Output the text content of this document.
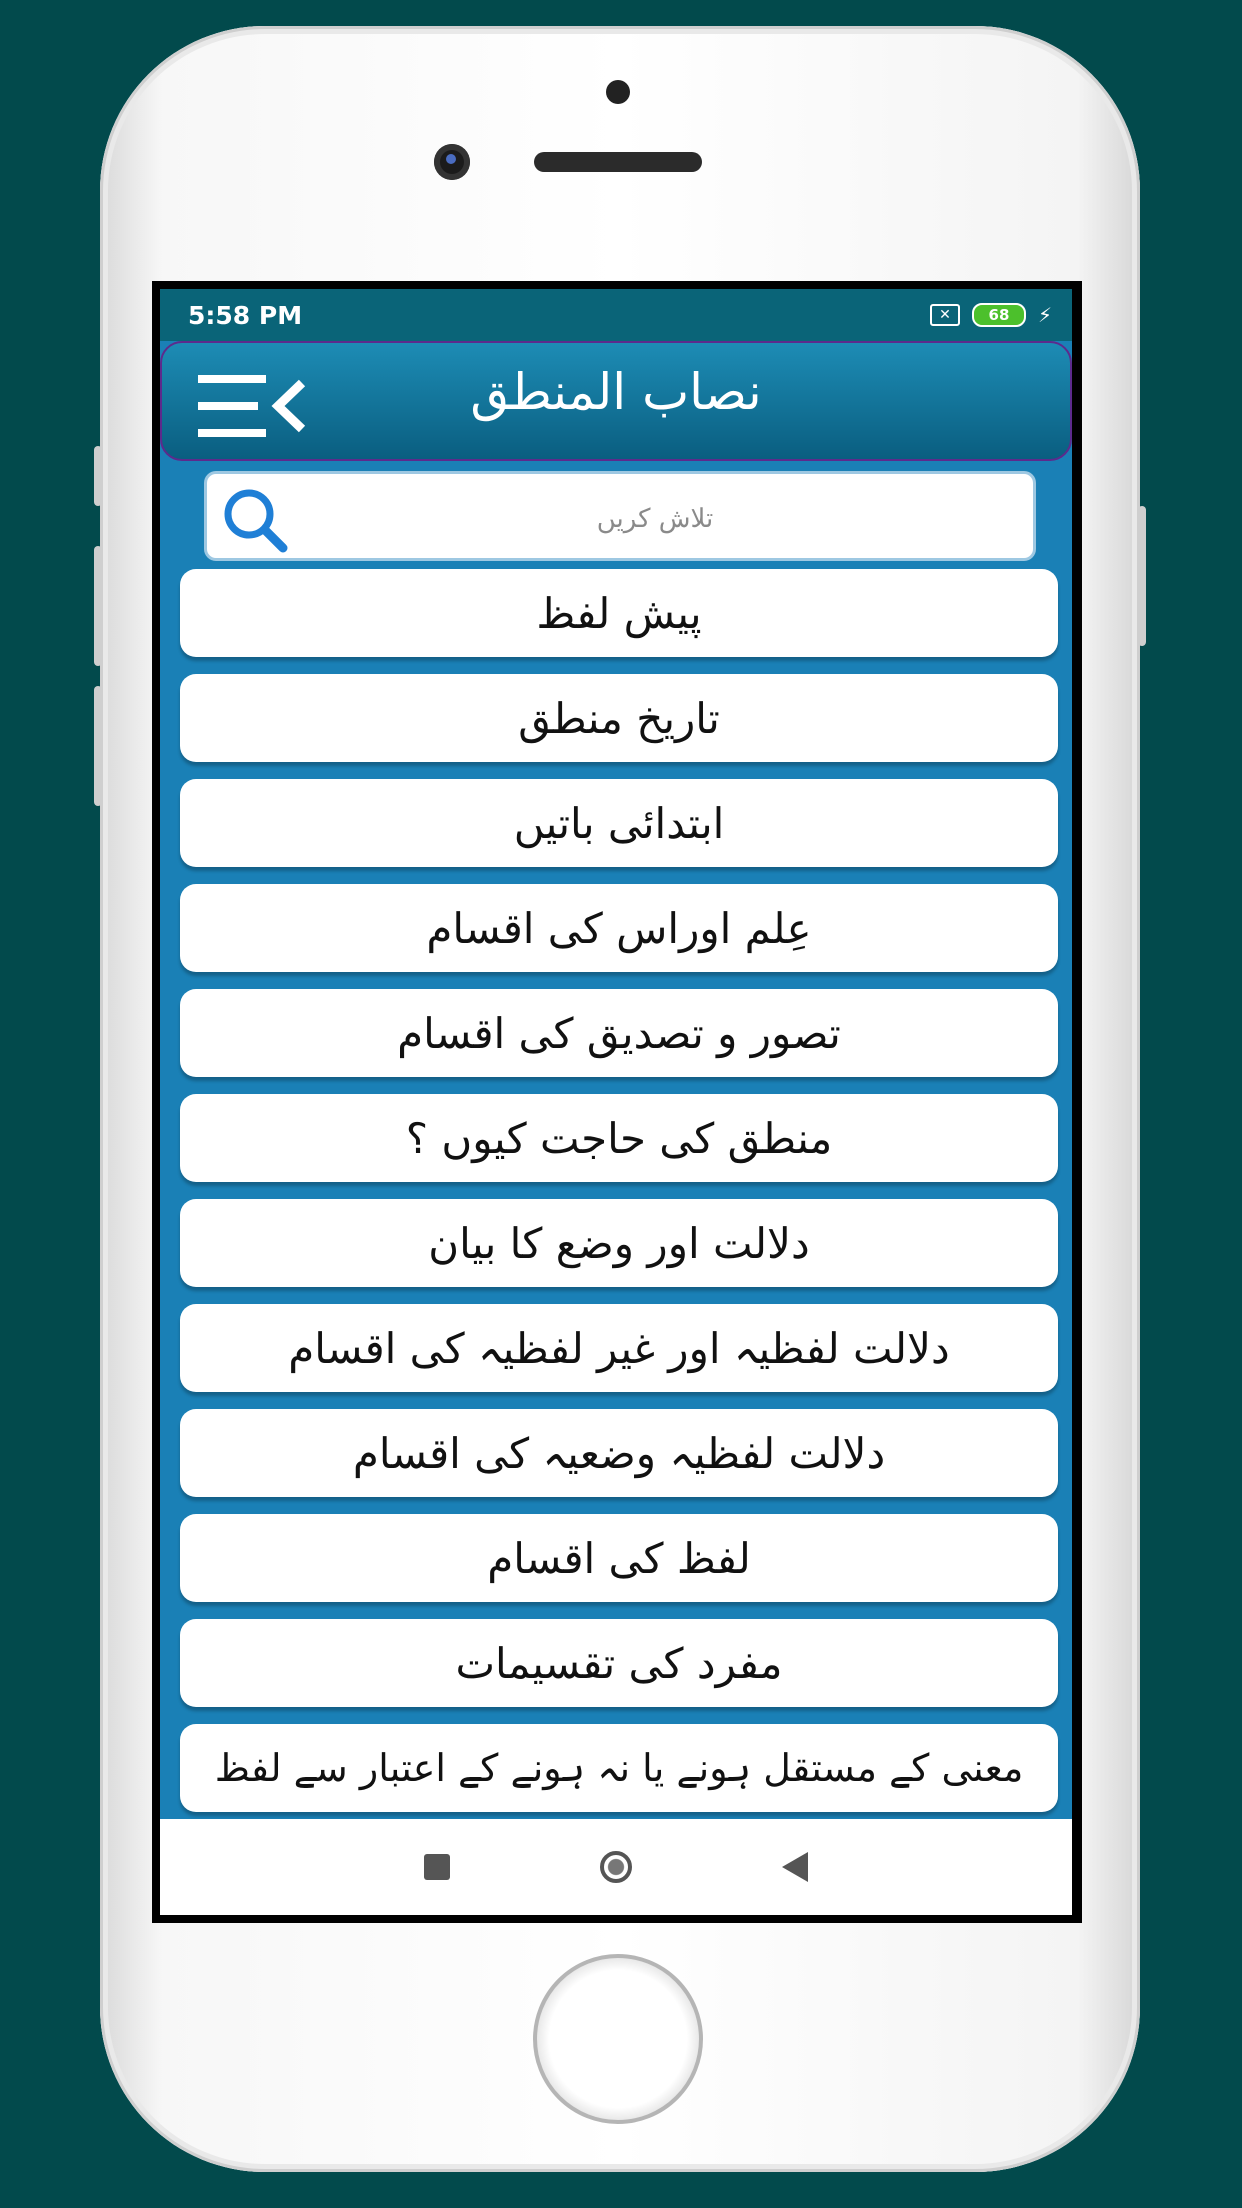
5:58 PM	✕	68 ⚡
نصاب المنطق
تلاش کریں
پیش لفظ
تاریخ منطق
ابتدائی باتیں
عِلم اوراس کی اقسام
تصور و تصدیق کی اقسام
منطق کی حاجت کیوں ؟
دلالت اور وضع کا بیان
دلالت لفظیہ اور غیر لفظیہ کی اقسام
دلالت لفظیہ وضعیہ کی اقسام
لفظ کی اقسام
مفرد کی تقسیمات
معنی کے مستقل ہونے یا نہ ہونے کے اعتبار سے لفظ
